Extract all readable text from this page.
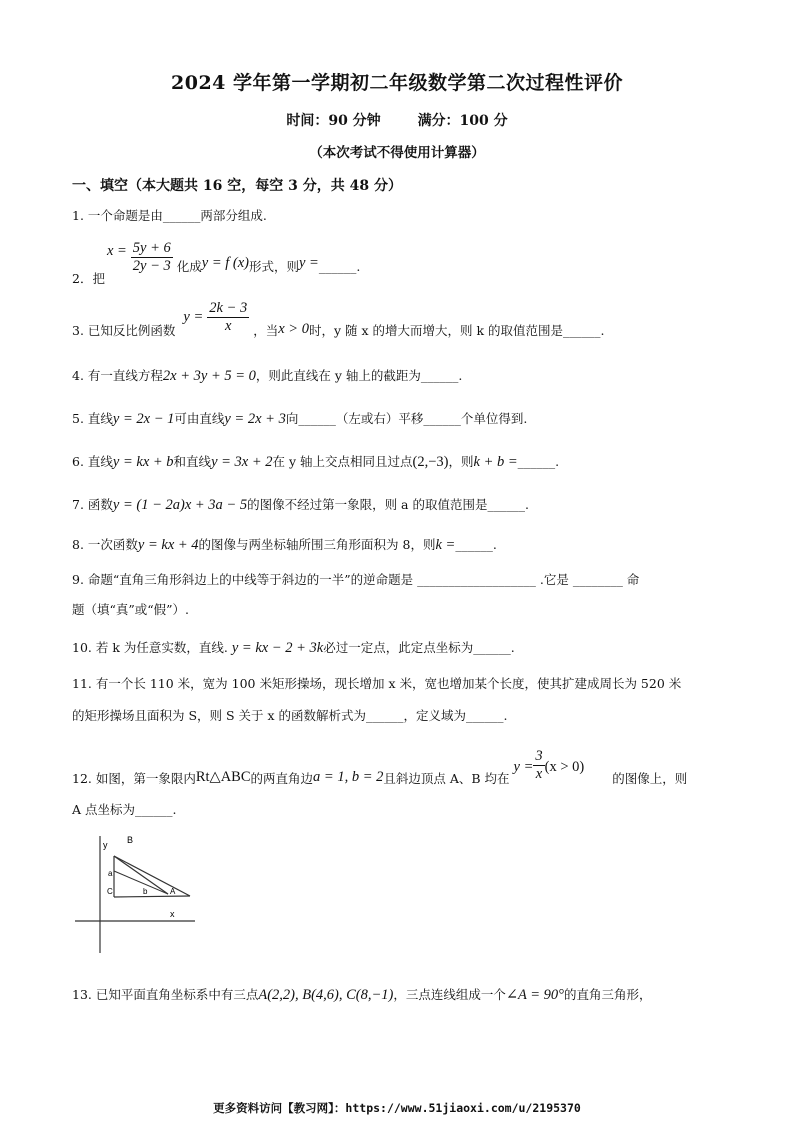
2024 学年第一学期初二年级数学第二次过程性评价
时间：90 分钟	满分：100 分
（本次考试不得使用计算器）
一、填空（本大题共 16 空，每空 3 分，共 48 分）
1. 一个命题是由______两部分组成.
2．把 $x = \frac{5y + 6}{2y - 3}$ 化成y = f (x)形式，则y =______.
3. 已知反比例函数 $y = \frac{2k - 3}{x}$ ，当x > 0时，y 随 x 的增大而增大，则 k 的取值范围是______.
4. 有一直线方程2x + 3y + 5 = 0，则此直线在 y 轴上的截距为______.
5. 直线y = 2x − 1可由直线y = 2x + 3向______（左或右）平移______个单位得到.
6. 直线y = kx + b和直线y = 3x + 2在 y 轴上交点相同且过点(2,−3)，则k + b =______.
7. 函数y = (1 − 2a)x + 3a − 5的图像不经过第一象限，则 a 的取值范围是______.
8. 一次函数y = kx + 4的图像与两坐标轴所围三角形面积为 8，则k =______.
9. 命题“直角三角形斜边上的中线等于斜边的一半”的逆命题是 ___________________ .它是 ________ 命
题（填“真”或“假”）.
10. 若 k 为任意实数，直线. y = kx − 2 + 3k必过一定点，此定点坐标为______.
11. 有一个长 110 米，宽为 100 米矩形操场，现长增加 x 米，宽也增加某个长度，使其扩建成周长为 520 米
的矩形操场且面积为 S，则 S 关于 x 的函数解析式为______，定义域为______.
12. 如图，第一象限内Rt△ABC的两直角边a = 1, b = 2且斜边顶点 A、B 均在 $y = \frac{3}{x} (x > 0)$ 的图像上，则
A 点坐标为______.
y B
a
C	b	A
x
13. 已知平面直角坐标系中有三点A(2,2), B(4,6), C(8,−1)，三点连线组成一个∠A = 90°的直角三角形，
更多资料访问【教习网】：https://www.51jiaoxi.com/u/2195370
